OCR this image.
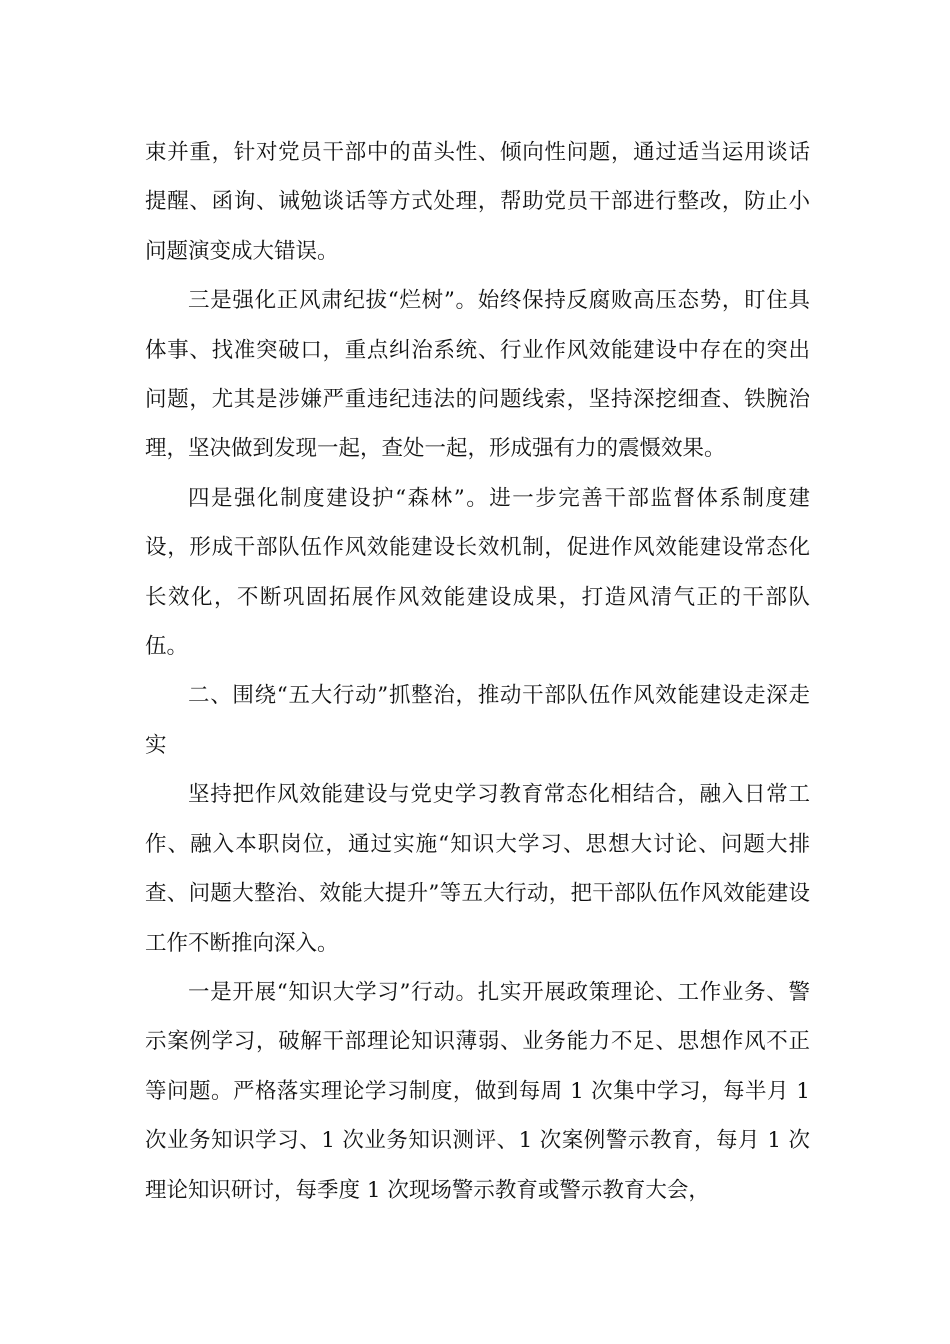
束并重，针对党员干部中的苗头性、倾向性问题，通过适当运用谈话提醒、函询、诫勉谈话等方式处理，帮助党员干部进行整改，防止小问题演变成大错误。

三是强化正风肃纪拔“烂树”。始终保持反腐败高压态势，盯住具体事、找准突破口，重点纠治系统、行业作风效能建设中存在的突出问题，尤其是涉嫌严重违纪违法的问题线索，坚持深挖细查、铁腕治理，坚决做到发现一起，查处一起，形成强有力的震慑效果。

四是强化制度建设护“森林”。进一步完善干部监督体系制度建设，形成干部队伍作风效能建设长效机制，促进作风效能建设常态化长效化，不断巩固拓展作风效能建设成果，打造风清气正的干部队伍。

二、围绕“五大行动”抓整治，推动干部队伍作风效能建设走深走实

坚持把作风效能建设与党史学习教育常态化相结合，融入日常工作、融入本职岗位，通过实施“知识大学习、思想大讨论、问题大排查、问题大整治、效能大提升”等五大行动，把干部队伍作风效能建设工作不断推向深入。

一是开展“知识大学习”行动。扎实开展政策理论、工作业务、警示案例学习，破解干部理论知识薄弱、业务能力不足、思想作风不正等问题。严格落实理论学习制度，做到每周 1 次集中学习，每半月 1 次业务知识学习、1 次业务知识测评、1 次案例警示教育，每月 1 次理论知识研讨，每季度 1 次现场警示教育或警示教育大会，
